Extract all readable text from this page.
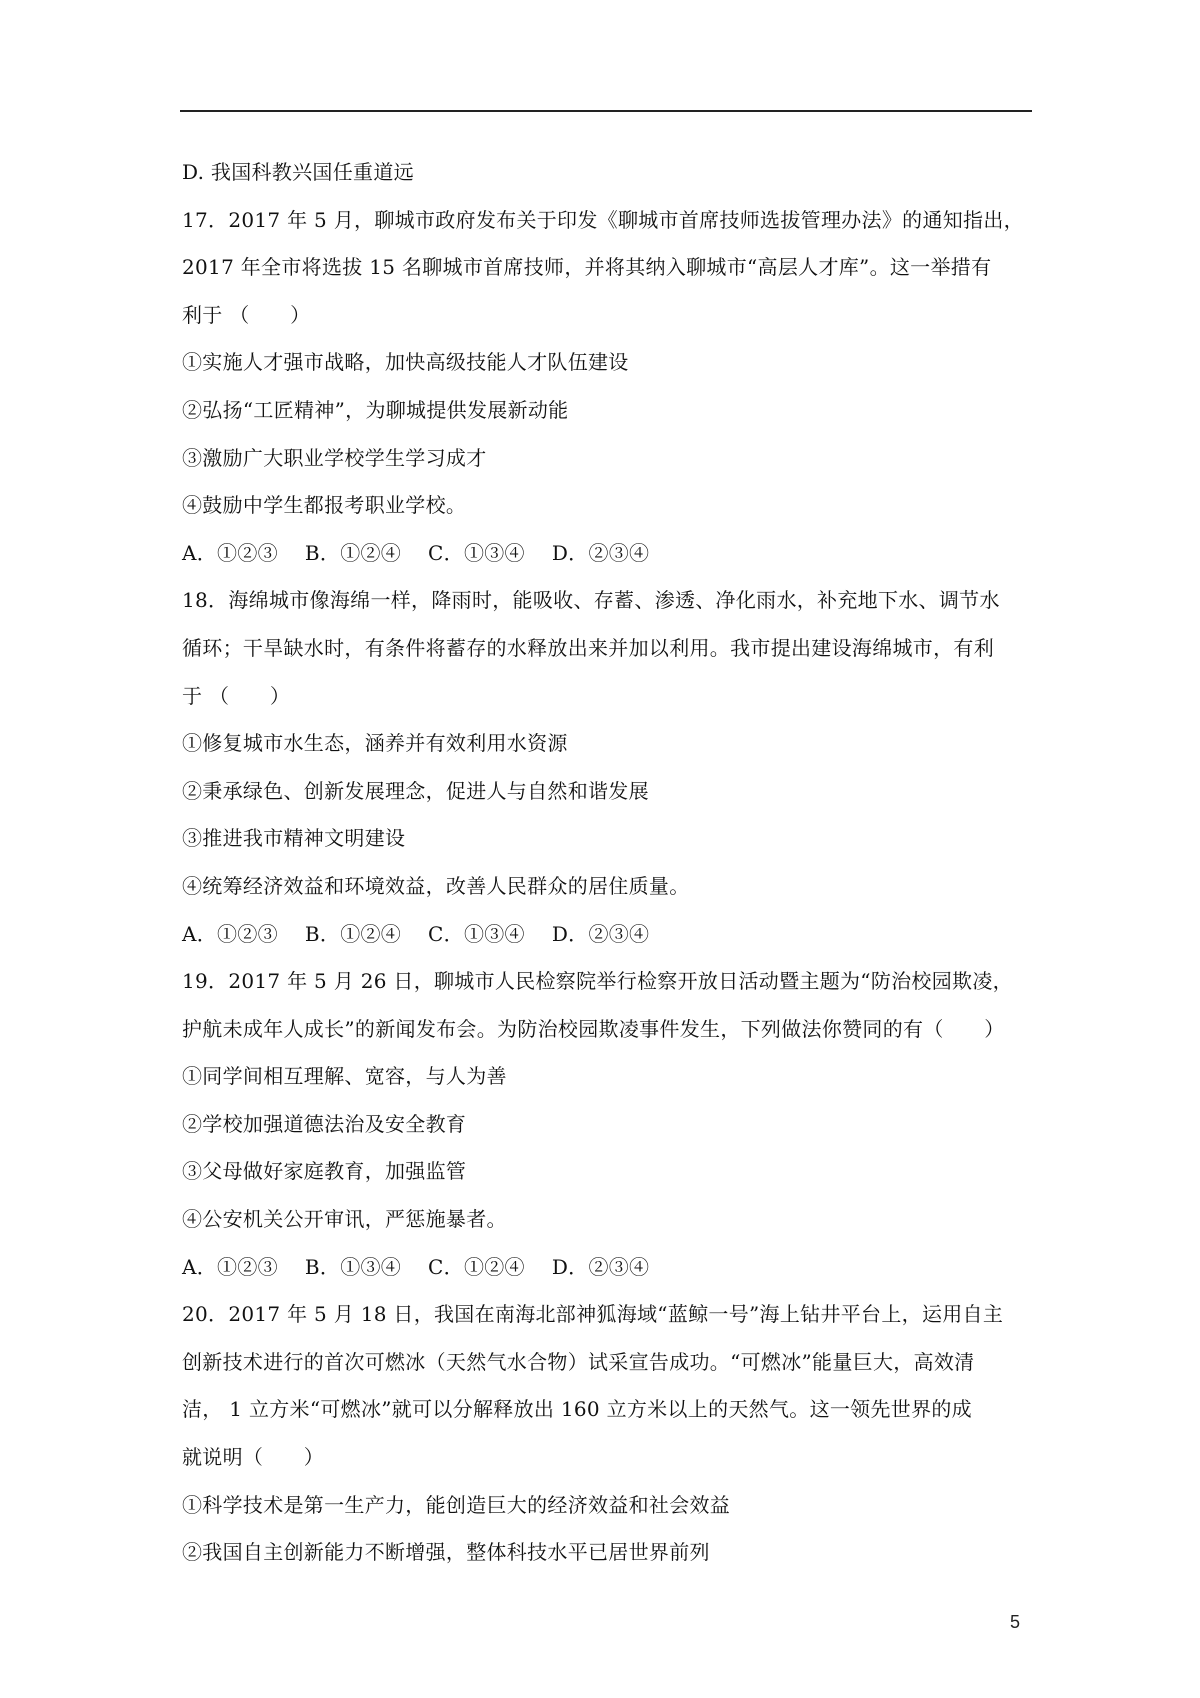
D. 我国科教兴国任重道远
17．2017 年 5 月，聊城市政府发布关于印发《聊城市首席技师选拔管理办法》的通知指出，
2017 年全市将选拔 15 名聊城市首席技师，并将其纳入聊城市“高层人才库”。这一举措有
利于 （　　）
①实施人才强市战略，加快高级技能人才队伍建设
②弘扬“工匠精神”，为聊城提供发展新动能
③激励广大职业学校学生学习成才
④鼓励中学生都报考职业学校。
A．①②③　 B．①②④　 C．①③④　 D．②③④
18．海绵城市像海绵一样，降雨时，能吸收、存蓄、渗透、净化雨水，补充地下水、调节水
循环；干旱缺水时，有条件将蓄存的水释放出来并加以利用。我市提出建设海绵城市，有利
于 （　　）
①修复城市水生态，涵养并有效利用水资源
②秉承绿色、创新发展理念，促进人与自然和谐发展
③推进我市精神文明建设
④统筹经济效益和环境效益，改善人民群众的居住质量。
A．①②③　 B．①②④　 C．①③④　 D．②③④
19．2017 年 5 月 26 日，聊城市人民检察院举行检察开放日活动暨主题为“防治校园欺凌，
护航未成年人成长”的新闻发布会。为防治校园欺凌事件发生，下列做法你赞同的有（　　）
①同学间相互理解、宽容，与人为善
②学校加强道德法治及安全教育
③父母做好家庭教育，加强监管
④公安机关公开审讯，严惩施暴者。
A．①②③　 B．①③④　 C．①②④　 D．②③④
20．2017 年 5 月 18 日，我国在南海北部神狐海域“蓝鲸一号”海上钻井平台上，运用自主
创新技术进行的首次可燃冰（天然气水合物）试采宣告成功。“可燃冰”能量巨大，高效清
洁， 1 立方米“可燃冰”就可以分解释放出 160 立方米以上的天然气。这一领先世界的成
就说明（　　）
①科学技术是第一生产力，能创造巨大的经济效益和社会效益
②我国自主创新能力不断增强，整体科技水平已居世界前列
5
